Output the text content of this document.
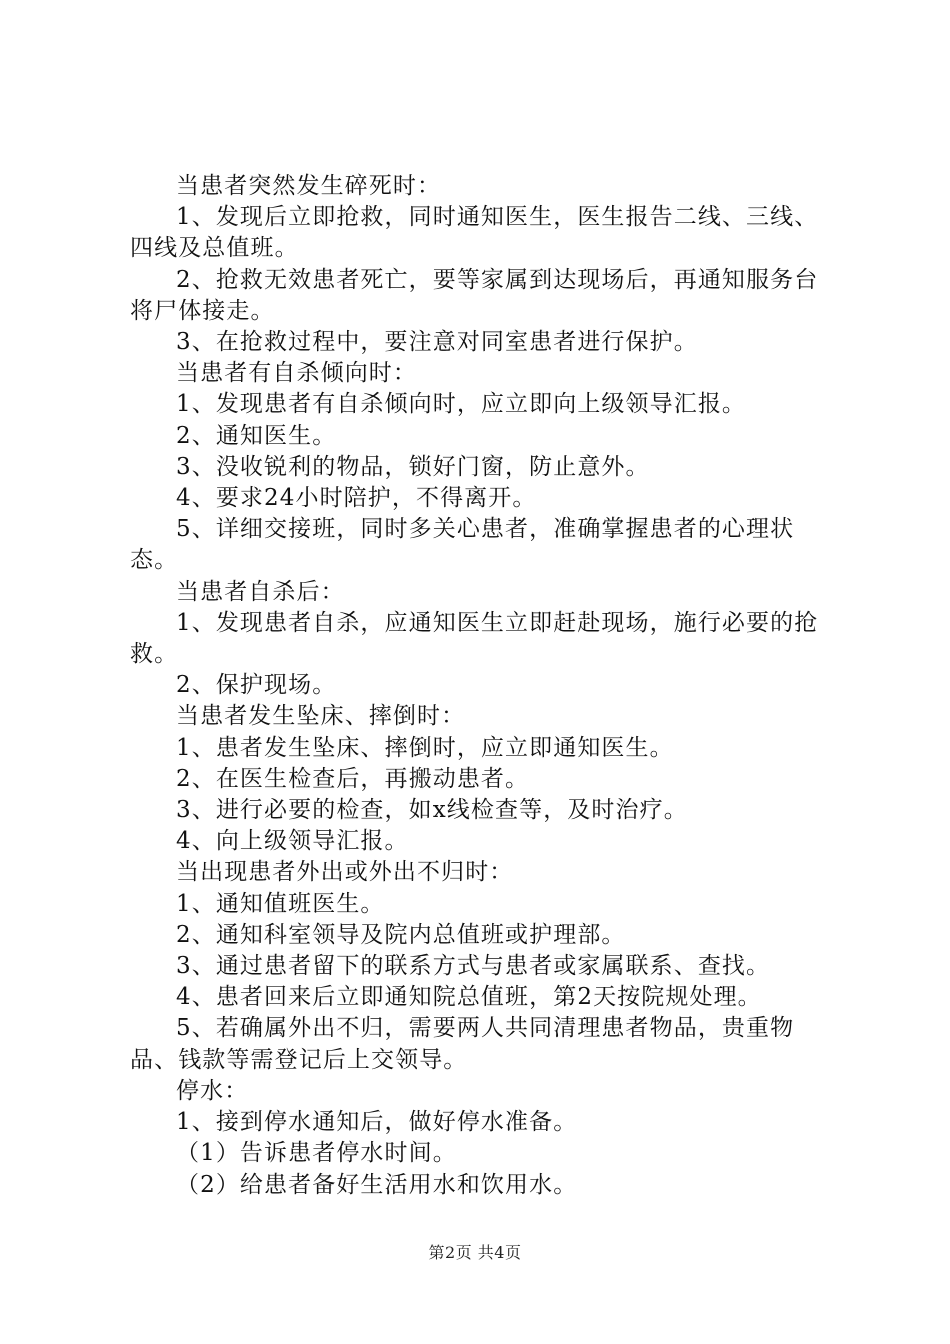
当患者突然发生碎死时：

1、发现后立即抢救，同时通知医生，医生报告二线、三线、四线及总值班。

2、抢救无效患者死亡，要等家属到达现场后，再通知服务台将尸体接走。

3、在抢救过程中，要注意对同室患者进行保护。

当患者有自杀倾向时：

1、发现患者有自杀倾向时，应立即向上级领导汇报。

2、通知医生。

3、没收锐利的物品，锁好门窗，防止意外。

4、要求24小时陪护，不得离开。

5、详细交接班，同时多关心患者，准确掌握患者的心理状态。

当患者自杀后：

1、发现患者自杀，应通知医生立即赶赴现场，施行必要的抢救。

2、保护现场。

当患者发生坠床、摔倒时：

1、患者发生坠床、摔倒时，应立即通知医生。

2、在医生检查后，再搬动患者。

3、进行必要的检查，如x线检查等，及时治疗。

4、向上级领导汇报。

当出现患者外出或外出不归时：

1、通知值班医生。

2、通知科室领导及院内总值班或护理部。

3、通过患者留下的联系方式与患者或家属联系、查找。

4、患者回来后立即通知院总值班，第2天按院规处理。

5、若确属外出不归，需要两人共同清理患者物品，贵重物品、钱款等需登记后上交领导。

停水：

1、接到停水通知后，做好停水准备。

（1）告诉患者停水时间。

（2）给患者备好生活用水和饮用水。

第2页 共4页
